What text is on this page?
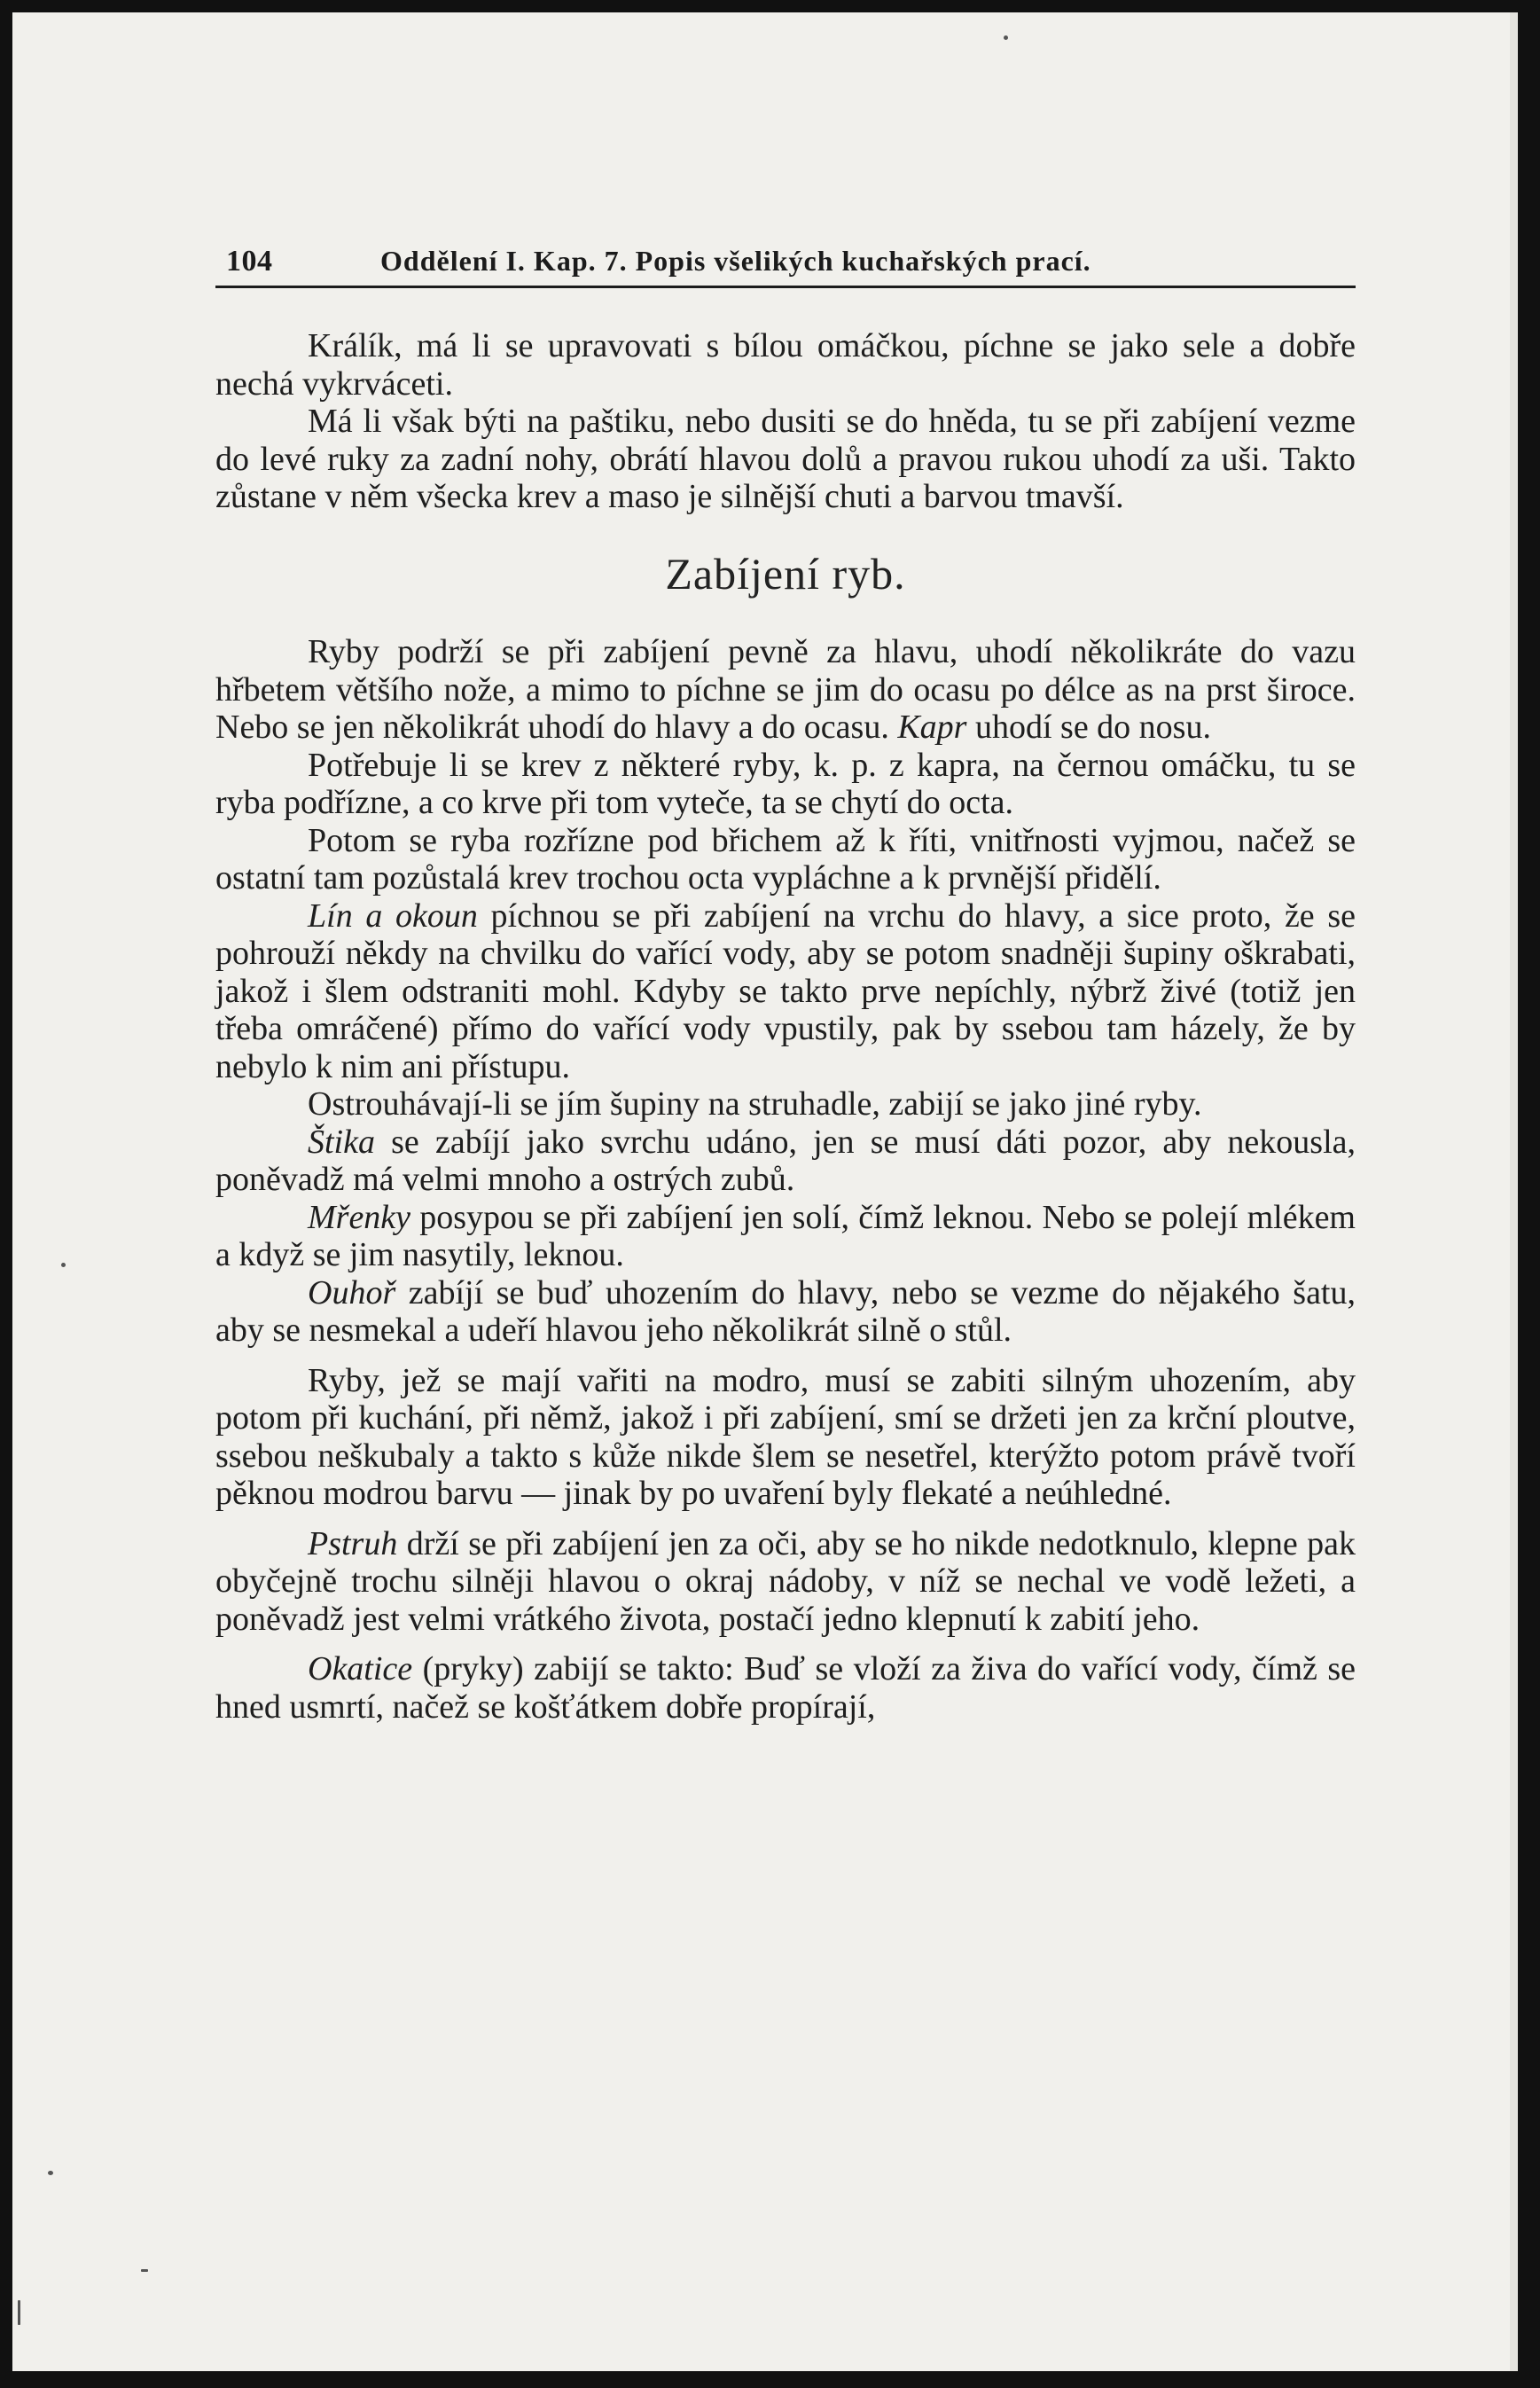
104	Oddělení I. Kap. 7. Popis všelikých kuchařských prací.

Králík, má li se upravovati s bílou omáčkou, píchne se jako sele a dobře nechá vykrváceti.

Má li však býti na paštiku, nebo dusiti se do hněda, tu se při zabíjení vezme do levé ruky za zadní nohy, obrátí hlavou dolů a pravou rukou uhodí za uši. Takto zůstane v něm všecka krev a maso je silnější chuti a barvou tmavší.

Zabíjení ryb.

Ryby podrží se při zabíjení pevně za hlavu, uhodí několikráte do vazu hřbetem většího nože, a mimo to píchne se jim do ocasu po délce as na prst široce. Nebo se jen několikrát uhodí do hlavy a do ocasu. Kapr uhodí se do nosu.

Potřebuje li se krev z některé ryby, k. p. z kapra, na černou omáčku, tu se ryba podřízne, a co krve při tom vyteče, ta se chytí do octa.

Potom se ryba rozřízne pod břichem až k říti, vnitřnosti vyjmou, načež se ostatní tam pozůstalá krev trochou octa vypláchne a k prvnější přidělí.

Lín a okoun píchnou se při zabíjení na vrchu do hlavy, a sice proto, že se pohrouží někdy na chvilku do vařící vody, aby se potom snadněji šupiny oškrabati, jakož i šlem odstraniti mohl. Kdyby se takto prve nepíchly, nýbrž živé (totiž jen třeba omráčené) přímo do vařící vody vpustily, pak by ssebou tam házely, že by nebylo k nim ani přístupu.

Ostrouhávají-li se jím šupiny na struhadle, zabijí se jako jiné ryby.

Štika se zabíjí jako svrchu udáno, jen se musí dáti pozor, aby nekousla, poněvadž má velmi mnoho a ostrých zubů.

Mřenky posypou se při zabíjení jen solí, čímž leknou. Nebo se polejí mlékem a když se jim nasytily, leknou.

Ouhoř zabíjí se buď uhozením do hlavy, nebo se vezme do nějakého šatu, aby se nesmekal a udeří hlavou jeho několikrát silně o stůl.

Ryby, jež se mají vařiti na modro, musí se zabiti silným uhozením, aby potom při kuchání, při němž, jakož i při zabíjení, smí se držeti jen za krční ploutve, ssebou neškubaly a takto s kůže nikde šlem se nesetřel, kterýžto potom právě tvoří pěknou modrou barvu — jinak by po uvaření byly flekaté a neúhledné.

Pstruh drží se při zabíjení jen za oči, aby se ho nikde nedotknulo, klepne pak obyčejně trochu silněji hlavou o okraj nádoby, v níž se nechal ve vodě ležeti, a poněvadž jest velmi vrátkého života, postačí jedno klepnutí k zabití jeho.

Okatice (pryky) zabijí se takto: Buď se vloží za živa do vařící vody, čímž se hned usmrtí, načež se košťátkem dobře propírají,
